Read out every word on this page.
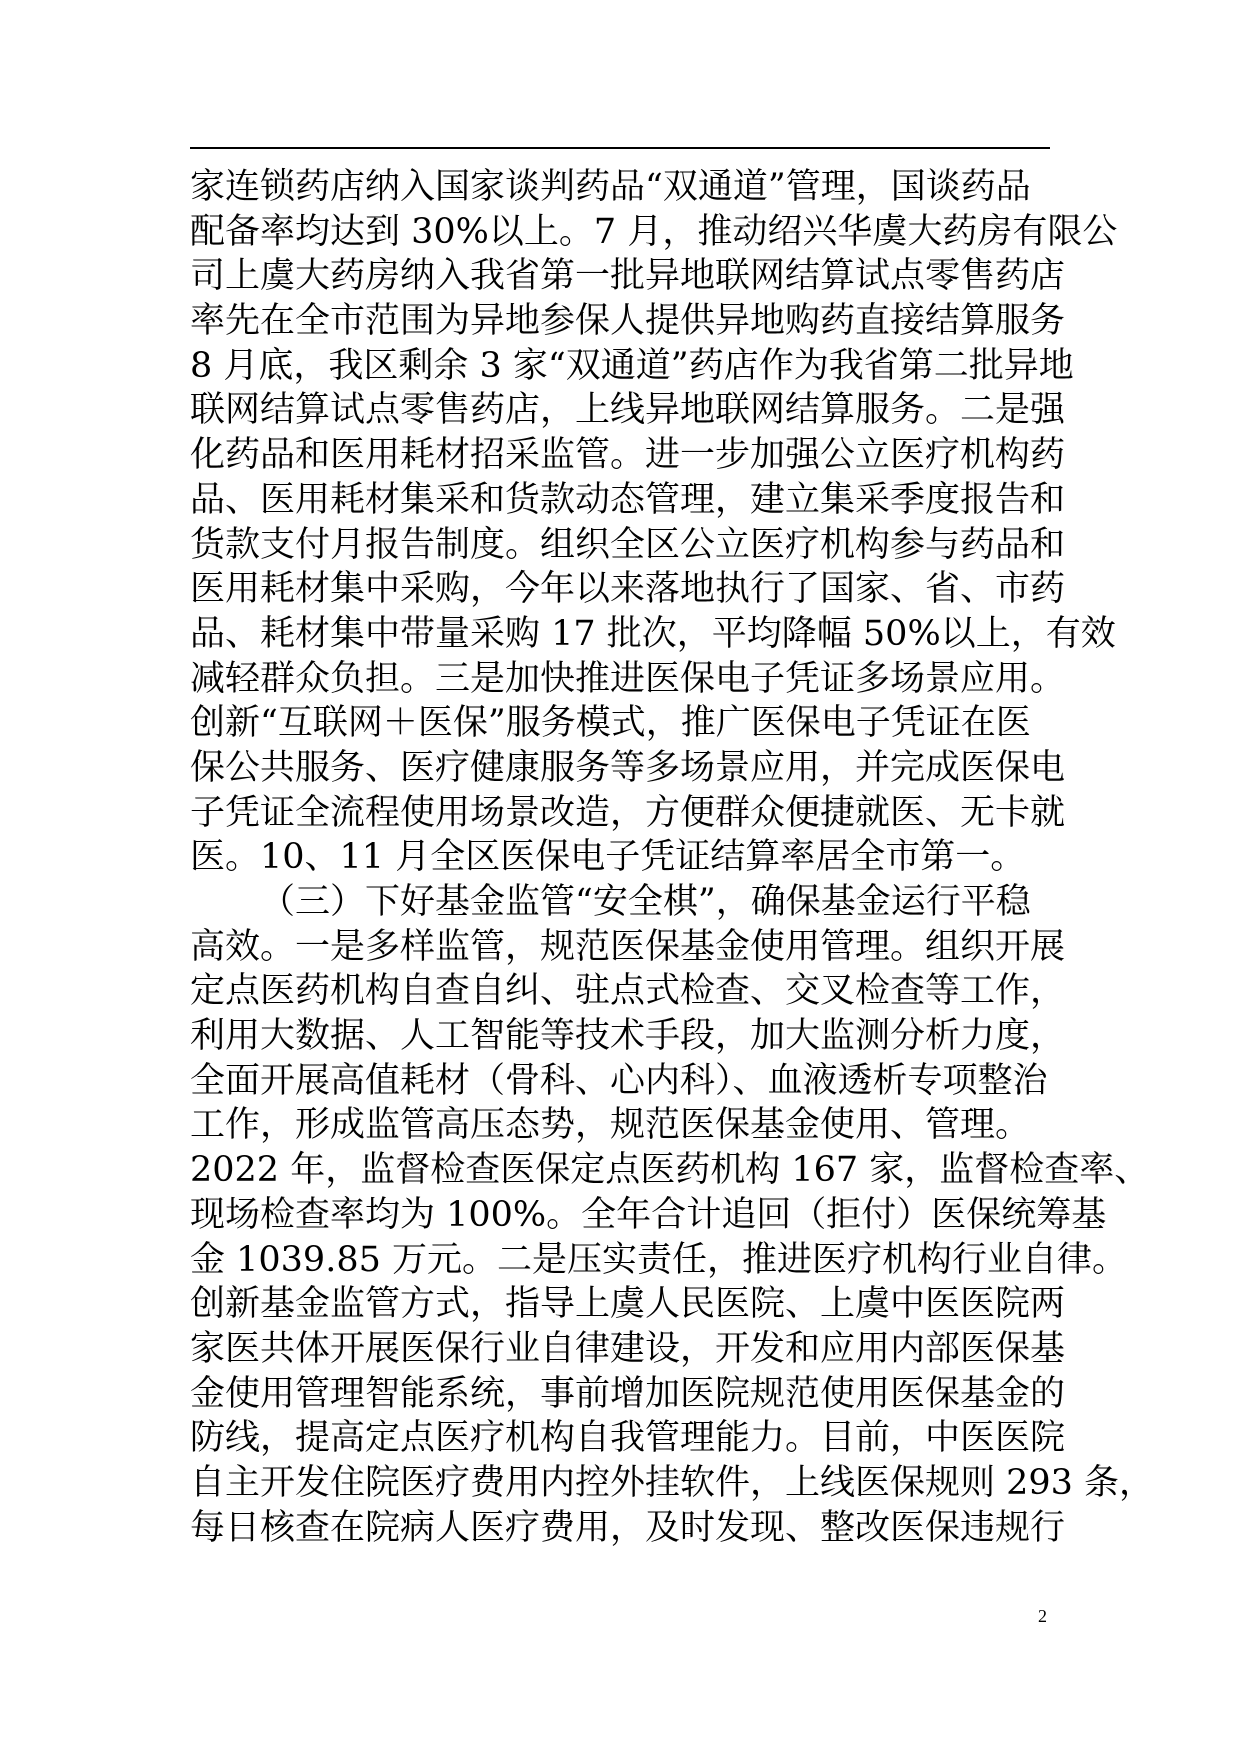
家连锁药店纳入国家谈判药品“双通道”管理，国谈药品
配备率均达到 30%以上。7 月，推动绍兴华虞大药房有限公
司上虞大药房纳入我省第一批异地联网结算试点零售药店
率先在全市范围为异地参保人提供异地购药直接结算服务
8 月底，我区剩余 3 家“双通道”药店作为我省第二批异地
联网结算试点零售药店，上线异地联网结算服务。二是强
化药品和医用耗材招采监管。进一步加强公立医疗机构药
品、医用耗材集采和货款动态管理，建立集采季度报告和
货款支付月报告制度。组织全区公立医疗机构参与药品和
医用耗材集中采购，今年以来落地执行了国家、省、市药
品、耗材集中带量采购 17 批次，平均降幅 50%以上，有效
减轻群众负担。三是加快推进医保电子凭证多场景应用。
创新“互联网＋医保”服务模式，推广医保电子凭证在医
保公共服务、医疗健康服务等多场景应用，并完成医保电
子凭证全流程使用场景改造，方便群众便捷就医、无卡就
医。10、11 月全区医保电子凭证结算率居全市第一。
（三）下好基金监管“安全棋”，确保基金运行平稳
高效。一是多样监管，规范医保基金使用管理。组织开展
定点医药机构自查自纠、驻点式检查、交叉检查等工作，
利用大数据、人工智能等技术手段，加大监测分析力度，
全面开展高值耗材（骨科、心内科）、血液透析专项整治
工作，形成监管高压态势，规范医保基金使用、管理。
2022 年，监督检查医保定点医药机构 167 家，监督检查率、
现场检查率均为 100%。全年合计追回（拒付）医保统筹基
金 1039.85 万元。二是压实责任，推进医疗机构行业自律。
创新基金监管方式，指导上虞人民医院、上虞中医医院两
家医共体开展医保行业自律建设，开发和应用内部医保基
金使用管理智能系统，事前增加医院规范使用医保基金的
防线，提高定点医疗机构自我管理能力。目前，中医医院
自主开发住院医疗费用内控外挂软件，上线医保规则 293 条，
每日核查在院病人医疗费用，及时发现、整改医保违规行
2
